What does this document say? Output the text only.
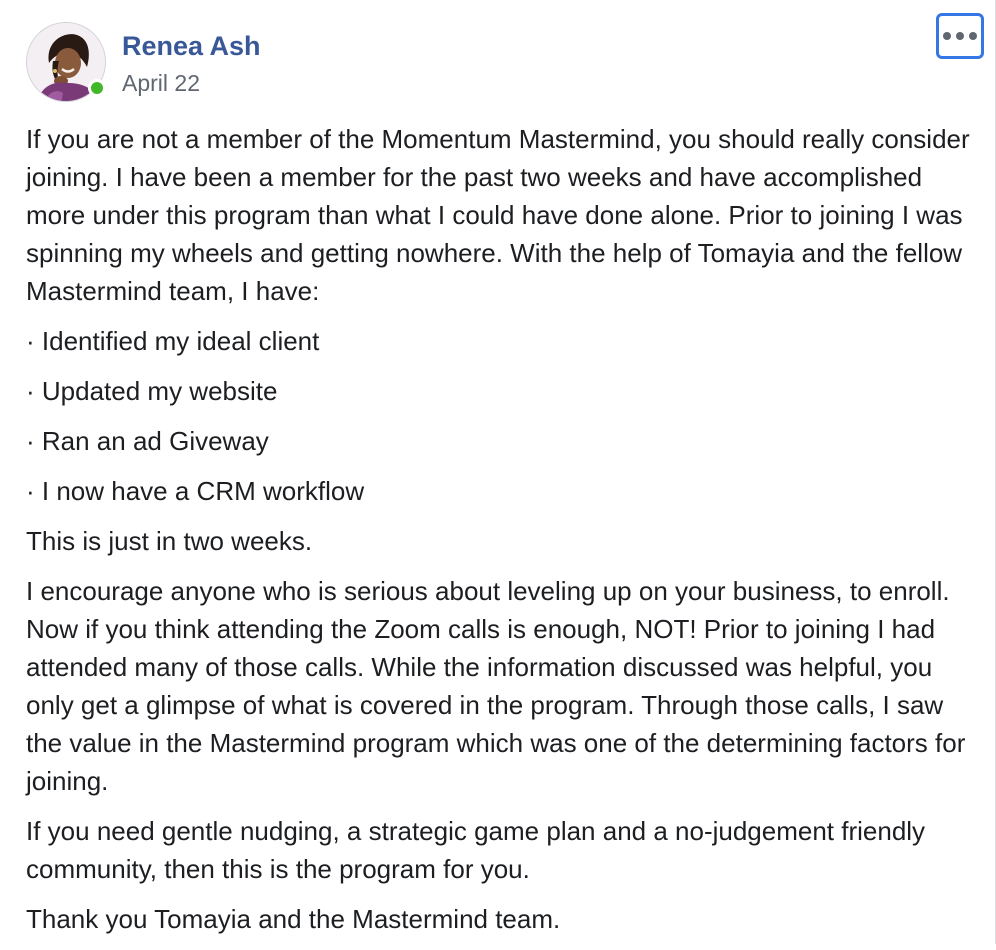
Renea Ash
April 22

If you are not a member of the Momentum Mastermind, you should really consider joining. I have been a member for the past two weeks and have accomplished more under this program than what I could have done alone. Prior to joining I was spinning my wheels and getting nowhere. With the help of Tomayia and the fellow Mastermind team, I have:

· Identified my ideal client

· Updated my website

· Ran an ad Giveway

· I now have a CRM workflow

This is just in two weeks.

I encourage anyone who is serious about leveling up on your business, to enroll. Now if you think attending the Zoom calls is enough, NOT! Prior to joining I had attended many of those calls. While the information discussed was helpful, you only get a glimpse of what is covered in the program. Through those calls, I saw the value in the Mastermind program which was one of the determining factors for joining.

If you need gentle nudging, a strategic game plan and a no-judgement friendly community, then this is the program for you.

Thank you Tomayia and the Mastermind team.
